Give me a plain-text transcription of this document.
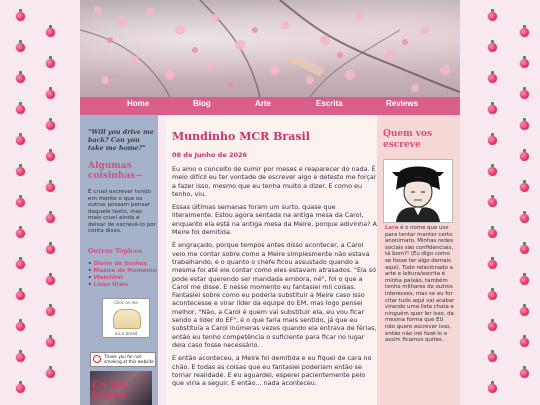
Home	Blog	Arte	Escrita	Reviews
"Will you drive me back? Can you take me home?"
Algumas coisinhas~
É cruel escrever tendo em mente o que os outros possam pensar daquele texto, mas mais cruel ainda é deixar de escrevê-lo por conta disso.
Outros Tópicos
• Diário de Sonhos
• Música do Momento
• Watchlist
• Links Úteis
Click on me
a.k.a bread
Thank you for not smoking at this website
Co try hapen
Mundinho MCR Brasil
08 de Junho de 2026

Eu amo o conceito de sumir por meses e reaparecer do nada. É meio difícil eu ter vontade de escrever algo e detesto me forçar a fazer isso, mesmo que eu tenha muito a dizer. E como eu tenho, viu.

Essas últimas semanas foram um surto, quase que literalmente. Estou agora sentada na antiga mesa da Carol, enquanto ela está na antiga mesa da Meire, porque adivinha? A Meire foi demitida.

É engraçado, porque tempos antes disso acontecer, a Carol veio me contar sobre como a Meire simplesmente não estava trabalhando, e o quanto o chefe ficou assustado quando a mesma foi até ele contar como eles estavam atrasados. "Ela só pode estar querendo ser mandada embora, né", foi o que a Carol me disse. E nesse momento eu fantasiei mil coisas. Fantasiei sobre como eu poderia substituir a Meire caso isso acontecesse e virar líder da equipe do EM, mas logo pensei melhor, "Não, a Carol é quem vai substituir ela, eu vou ficar sendo a líder do EF", é o que faria mais sentido, já que eu substituía a Carol inúmeras vezes quando ela entrava de férias, então eu tenho competência o suficiente para ficar no lugar dela caso fosse necessário.

E então aconteceu, a Meire foi demitida e eu fiquei de cara no chão. E todas as coisas que eu fantasiei poderiam então se tornar realidade. E eu aguardei, esperei pacientemente pelo que viria a seguir. E então... nada aconteceu.

Quem vos escreve
Lara é o nome que uso para tentar manter certo anonimato. Minhas redes sociais são confidenciais, tá bom?! (Eu digo como se fosse ter algo demais aqui). Tudo relacionado a arte e leitura/escrita é minha paixão, também tenho milhares de outros interesses, mas se eu for citar tudo aqui vai acabar virando uma lista chata e ninguém quer ler isso, da mesma forma que EU não quero escrever isso, então não irei fazê-lo e assim ficamos quites.
